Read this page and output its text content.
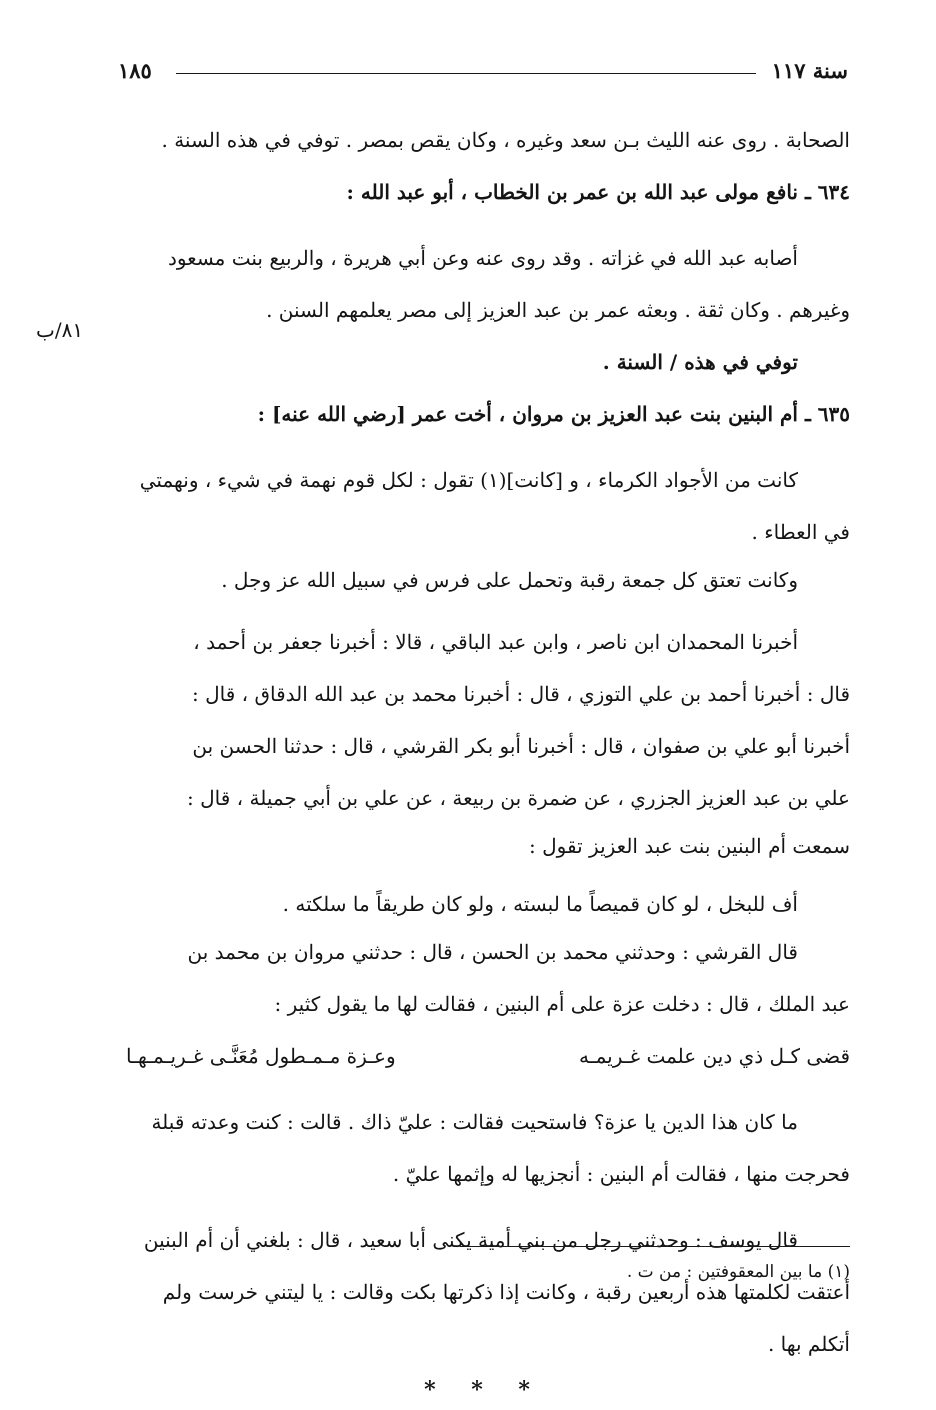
سنة ١١٧
١٨٥
٨١/ب
الصحابة . روى عنه الليث بـن سعد وغيره ، وكان يقص بمصر . توفي في هذه السنة .
٦٣٤ ـ نافع مولى عبد الله بن عمر بن الخطاب ، أبو عبد الله :
أصابه عبد الله في غزاته . وقد روى عنه وعن أبي هريرة ، والربيع بنت مسعود
وغيرهم . وكان ثقة . وبعثه عمر بن عبد العزيز إلى مصر يعلمهم السنن .
توفي في هذه / السنة .
٦٣٥ ـ أم البنين بنت عبد العزيز بن مروان ، أخت عمر [رضي الله عنه] :
كانت من الأجواد الكرماء ، و [كانت](١) تقول : لكل قوم نهمة في شيء ، ونهمتي
في العطاء .
وكانت تعتق كل جمعة رقبة وتحمل على فرس في سبيل الله عز وجل .
أخبرنا المحمدان ابن ناصر ، وابن عبد الباقي ، قالا : أخبرنا جعفر بن أحمد ،
قال : أخبرنا أحمد بن علي التوزي ، قال : أخبرنا محمد بن عبد الله الدقاق ، قال :
أخبرنا أبو علي بن صفوان ، قال : أخبرنا أبو بكر القرشي ، قال : حدثنا الحسن بن
علي بن عبد العزيز الجزري ، عن ضمرة بن ربيعة ، عن علي بن أبي جميلة ، قال :
سمعت أم البنين بنت عبد العزيز تقول :
أف للبخل ، لو كان قميصاً ما لبسته ، ولو كان طريقاً ما سلكته .
قال القرشي : وحدثني محمد بن الحسن ، قال : حدثني مروان بن محمد بن
عبد الملك ، قال : دخلت عزة على أم البنين ، فقالت لها ما يقول كثير :
قضى كـل ذي دين علمت غـريمـه
وعـزة مـمـطول مُعَنَّـى غـريـمـهـا
ما كان هذا الدين يا عزة؟ فاستحيت فقالت : عليّ ذاك . قالت : كنت وعدته قبلة
فحرجت منها ، فقالت أم البنين : أنجزيها له وإثمها عليّ .
قال يوسف : وحدثني رجل من بني أمية يكنى أبا سعيد ، قال : بلغني أن أم البنين
أعتقت لكلمتها هذه أربعين رقبة ، وكانت إذا ذكرتها بكت وقالت : يا ليتني خرست ولم
أتكلم بها .
* * *
(١) ما بين المعقوفتين : من ت .
